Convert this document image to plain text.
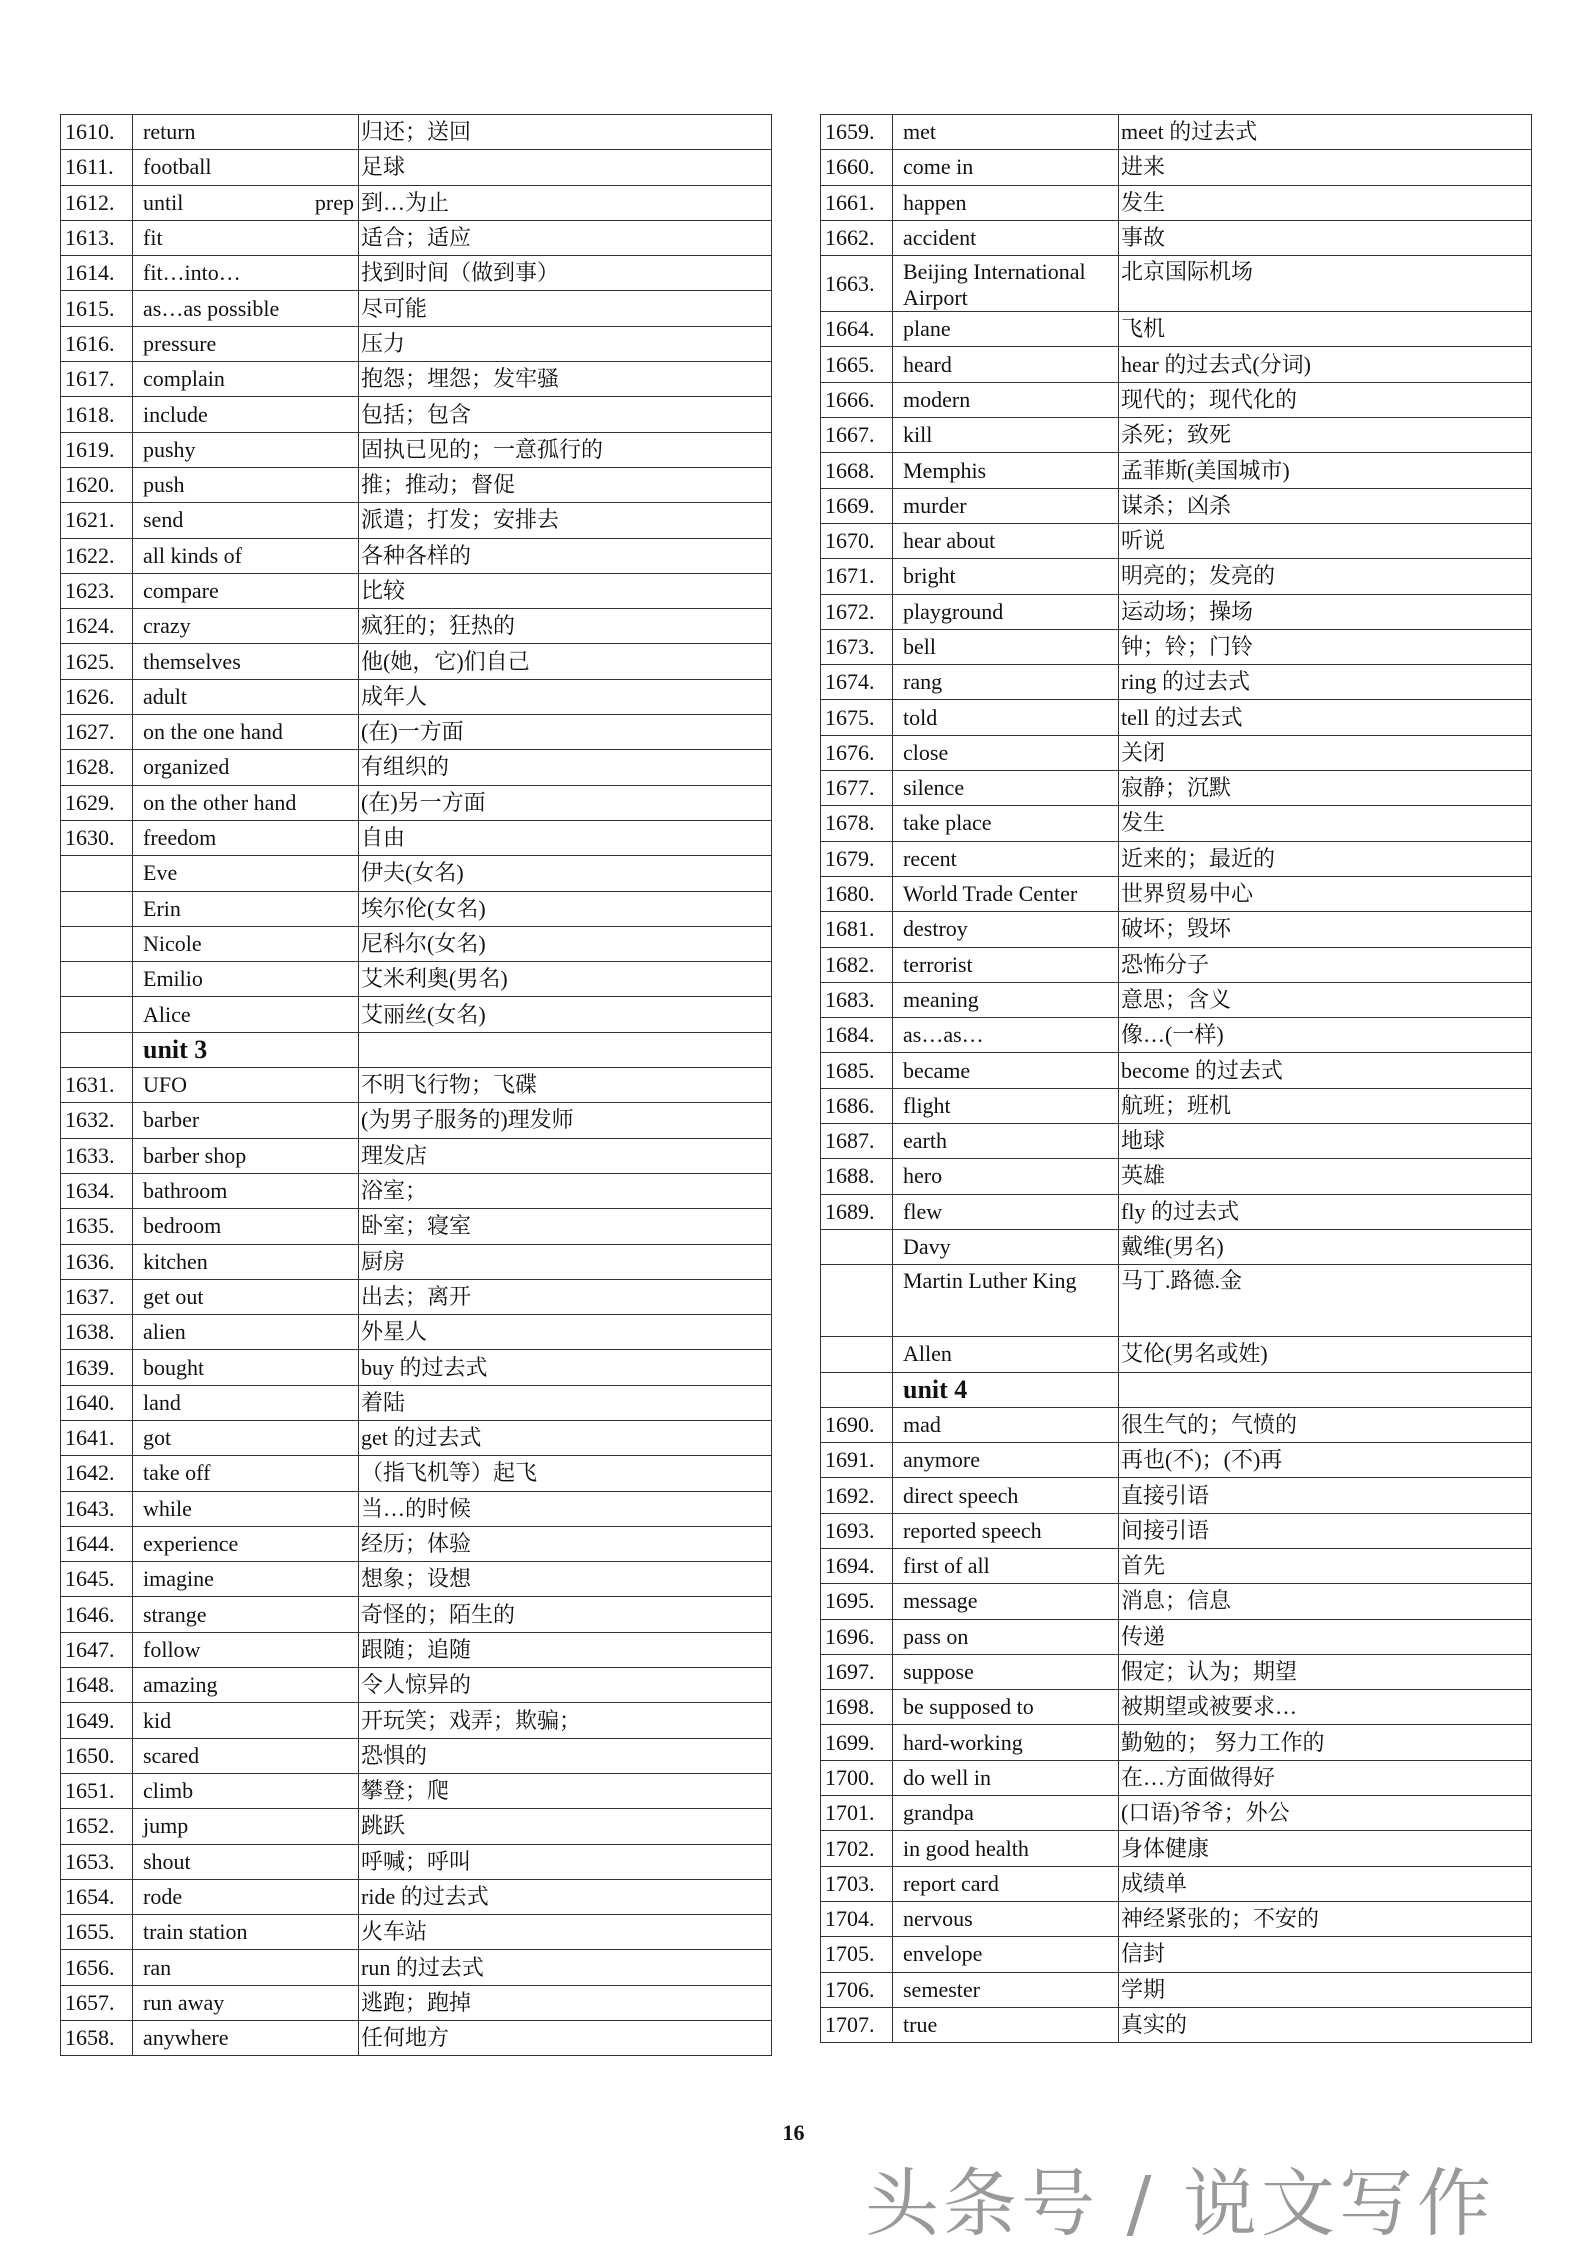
1610.	return	归还；送回
1611.	football	足球
1612.	until prep	到…为止
1613.	fit	适合；适应
1614.	fit…into…	找到时间（做到事）
1615.	as…as possible	尽可能
1616.	pressure	压力
1617.	complain	抱怨；埋怨；发牢骚
1618.	include	包括；包含
1619.	pushy	固执已见的；一意孤行的
1620.	push	推；推动；督促
1621.	send	派遣；打发；安排去
1622.	all kinds of	各种各样的
1623.	compare	比较
1624.	crazy	疯狂的；狂热的
1625.	themselves	他(她，它)们自己
1626.	adult	成年人
1627.	on the one hand	(在)一方面
1628.	organized	有组织的
1629.	on the other hand	(在)另一方面
1630.	freedom	自由
	Eve	伊夫(女名)
	Erin	埃尔伦(女名)
	Nicole	尼科尔(女名)
	Emilio	艾米利奥(男名)
	Alice	艾丽丝(女名)
	unit 3	
1631.	UFO	不明飞行物；飞碟
1632.	barber	(为男子服务的)理发师
1633.	barber shop	理发店
1634.	bathroom	浴室；
1635.	bedroom	卧室；寝室
1636.	kitchen	厨房
1637.	get out	出去；离开
1638.	alien	外星人
1639.	bought	buy 的过去式
1640.	land	着陆
1641.	got	get 的过去式
1642.	take off	（指飞机等）起飞
1643.	while	当…的时候
1644.	experience	经历；体验
1645.	imagine	想象；设想
1646.	strange	奇怪的；陌生的
1647.	follow	跟随；追随
1648.	amazing	令人惊异的
1649.	kid	开玩笑；戏弄；欺骗；
1650.	scared	恐惧的
1651.	climb	攀登；爬
1652.	jump	跳跃
1653.	shout	呼喊；呼叫
1654.	rode	ride 的过去式
1655.	train station	火车站
1656.	ran	run 的过去式
1657.	run away	逃跑；跑掉
1658.	anywhere	任何地方
1659.	met	meet 的过去式
1660.	come in	进来
1661.	happen	发生
1662.	accident	事故
1663.	Beijing International Airport	北京国际机场
1664.	plane	飞机
1665.	heard	hear 的过去式(分词)
1666.	modern	现代的；现代化的
1667.	kill	杀死；致死
1668.	Memphis	孟菲斯(美国城市)
1669.	murder	谋杀；凶杀
1670.	hear about	听说
1671.	bright	明亮的；发亮的
1672.	playground	运动场；操场
1673.	bell	钟；铃；门铃
1674.	rang	ring 的过去式
1675.	told	tell 的过去式
1676.	close	关闭
1677.	silence	寂静；沉默
1678.	take place	发生
1679.	recent	近来的；最近的
1680.	World Trade Center	世界贸易中心
1681.	destroy	破坏；毁坏
1682.	terrorist	恐怖分子
1683.	meaning	意思；含义
1684.	as…as…	像…(一样)
1685.	became	become 的过去式
1686.	flight	航班；班机
1687.	earth	地球
1688.	hero	英雄
1689.	flew	fly 的过去式
	Davy	戴维(男名)
	Martin Luther King	马丁.路德.金
	Allen	艾伦(男名或姓)
	unit 4	
1690.	mad	很生气的；气愤的
1691.	anymore	再也(不)；(不)再
1692.	direct speech	直接引语
1693.	reported speech	间接引语
1694.	first of all	首先
1695.	message	消息；信息
1696.	pass on	传递
1697.	suppose	假定；认为；期望
1698.	be supposed to	被期望或被要求…
1699.	hard-working	勤勉的； 努力工作的
1700.	do well in	在…方面做得好
1701.	grandpa	(口语)爷爷；外公
1702.	in good health	身体健康
1703.	report card	成绩单
1704.	nervous	神经紧张的；不安的
1705.	envelope	信封
1706.	semester	学期
1707.	true	真实的
16
头条号 / 说文写作
